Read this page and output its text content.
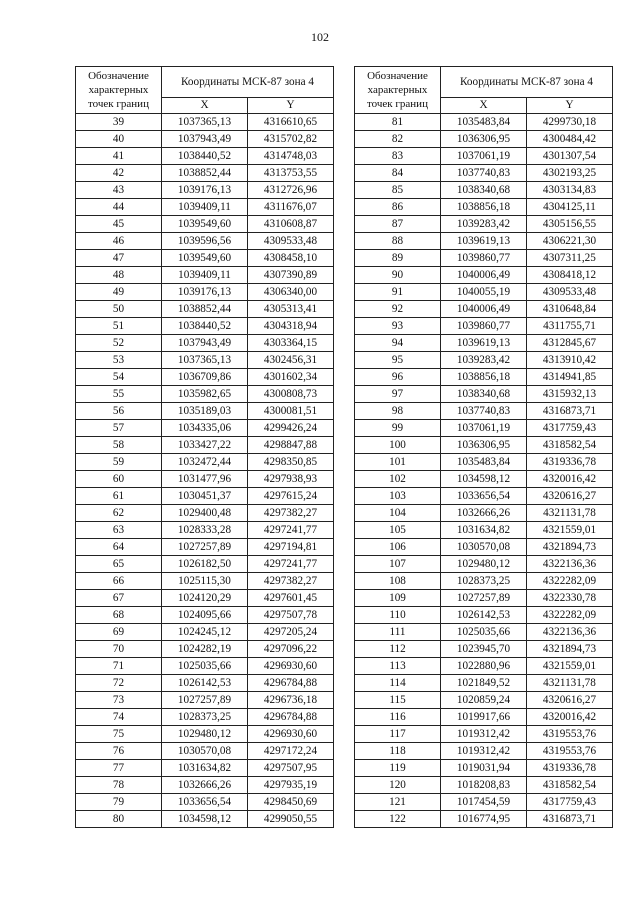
102
Обозначение характерных точек границ	Координаты МСК-87 зона 4	
	X	Y
39	1037365,13	4316610,65
40	1037943,49	4315702,82
41	1038440,52	4314748,03
42	1038852,44	4313753,55
43	1039176,13	4312726,96
44	1039409,11	4311676,07
45	1039549,60	4310608,87
46	1039596,56	4309533,48
47	1039549,60	4308458,10
48	1039409,11	4307390,89
49	1039176,13	4306340,00
50	1038852,44	4305313,41
51	1038440,52	4304318,94
52	1037943,49	4303364,15
53	1037365,13	4302456,31
54	1036709,86	4301602,34
55	1035982,65	4300808,73
56	1035189,03	4300081,51
57	1034335,06	4299426,24
58	1033427,22	4298847,88
59	1032472,44	4298350,85
60	1031477,96	4297938,93
61	1030451,37	4297615,24
62	1029400,48	4297382,27
63	1028333,28	4297241,77
64	1027257,89	4297194,81
65	1026182,50	4297241,77
66	1025115,30	4297382,27
67	1024120,29	4297601,45
68	1024095,66	4297507,78
69	1024245,12	4297205,24
70	1024282,19	4297096,22
71	1025035,66	4296930,60
72	1026142,53	4296784,88
73	1027257,89	4296736,18
74	1028373,25	4296784,88
75	1029480,12	4296930,60
76	1030570,08	4297172,24
77	1031634,82	4297507,95
78	1032666,26	4297935,19
79	1033656,54	4298450,69
80	1034598,12	4299050,55
Обозначение характерных точек границ	Координаты МСК-87 зона 4	
	X	Y
81	1035483,84	4299730,18
82	1036306,95	4300484,42
83	1037061,19	4301307,54
84	1037740,83	4302193,25
85	1038340,68	4303134,83
86	1038856,18	4304125,11
87	1039283,42	4305156,55
88	1039619,13	4306221,30
89	1039860,77	4307311,25
90	1040006,49	4308418,12
91	1040055,19	4309533,48
92	1040006,49	4310648,84
93	1039860,77	4311755,71
94	1039619,13	4312845,67
95	1039283,42	4313910,42
96	1038856,18	4314941,85
97	1038340,68	4315932,13
98	1037740,83	4316873,71
99	1037061,19	4317759,43
100	1036306,95	4318582,54
101	1035483,84	4319336,78
102	1034598,12	4320016,42
103	1033656,54	4320616,27
104	1032666,26	4321131,78
105	1031634,82	4321559,01
106	1030570,08	4321894,73
107	1029480,12	4322136,36
108	1028373,25	4322282,09
109	1027257,89	4322330,78
110	1026142,53	4322282,09
111	1025035,66	4322136,36
112	1023945,70	4321894,73
113	1022880,96	4321559,01
114	1021849,52	4321131,78
115	1020859,24	4320616,27
116	1019917,66	4320016,42
117	1019312,42	4319553,76
118	1019312,42	4319553,76
119	1019031,94	4319336,78
120	1018208,83	4318582,54
121	1017454,59	4317759,43
122	1016774,95	4316873,71
